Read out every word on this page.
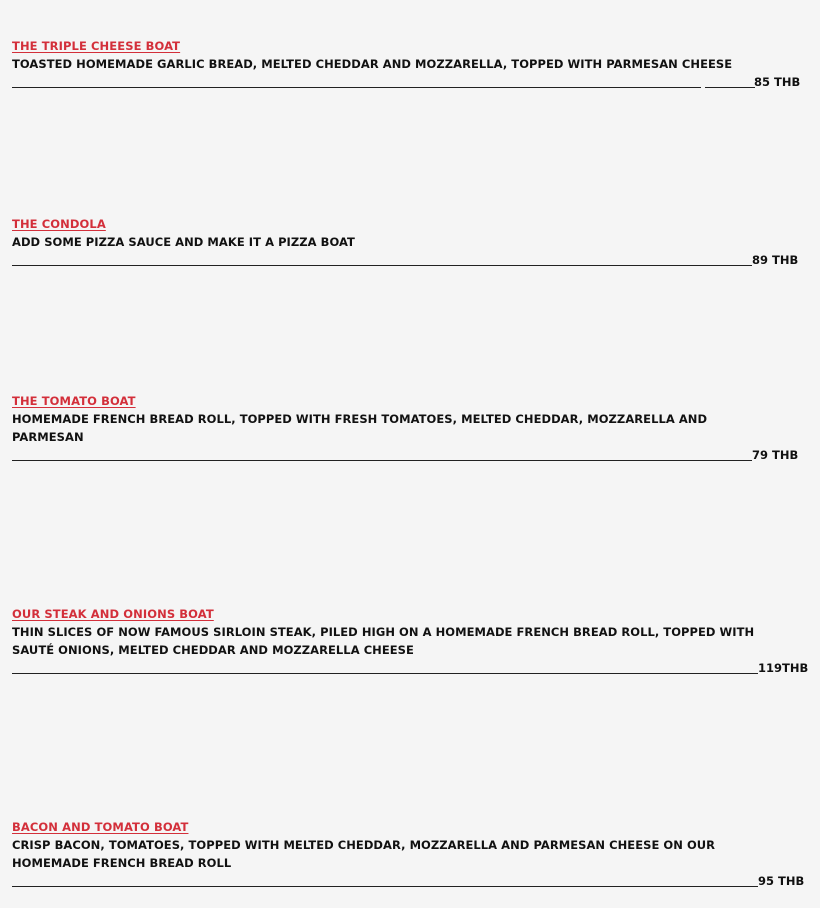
THE TRIPLE CHEESE BOAT
TOASTED HOMEMADE GARLIC BREAD, MELTED CHEDDAR AND MOZZARELLA, TOPPED WITH PARMESAN CHEESE
85 THB
THE CONDOLA
ADD SOME PIZZA SAUCE AND MAKE IT A PIZZA BOAT
89 THB
THE TOMATO BOAT
HOMEMADE FRENCH BREAD ROLL, TOPPED WITH FRESH TOMATOES, MELTED CHEDDAR, MOZZARELLA AND PARMESAN
79 THB
OUR STEAK AND ONIONS BOAT
THIN SLICES OF NOW FAMOUS SIRLOIN STEAK, PILED HIGH ON A HOMEMADE FRENCH BREAD ROLL, TOPPED WITH SAUTÉ ONIONS, MELTED CHEDDAR AND MOZZARELLA CHEESE
119THB
BACON AND TOMATO BOAT
CRISP BACON, TOMATOES, TOPPED WITH MELTED CHEDDAR, MOZZARELLA AND PARMESAN CHEESE ON OUR HOMEMADE FRENCH BREAD ROLL
95 THB
